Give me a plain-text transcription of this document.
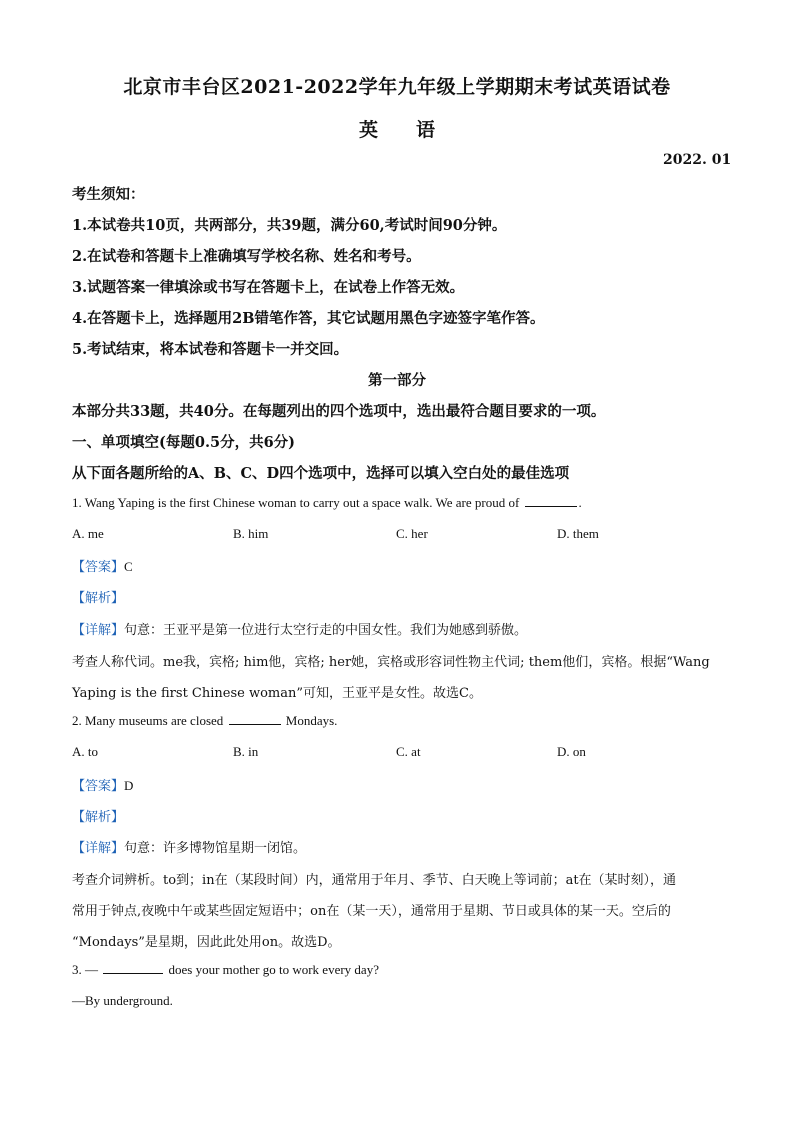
北京市丰台区2021-2022学年九年级上学期期末考试英语试卷
英 语
2022. 01
考生须知：
1.本试卷共10页，共两部分，共39题，满分60,考试时间90分钟。
2.在试卷和答题卡上准确填写学校名称、姓名和考号。
3.试题答案一律填涂或书写在答题卡上，在试卷上作答无效。
4.在答题卡上，选择题用2B错笔作答，其它试题用黑色字迹签字笔作答。
5.考试结束，将本试卷和答题卡一并交回。
第一部分
本部分共33题，共40分。在每题列出的四个选项中，选出最符合题目要求的一项。
一、单项填空(每题0.5分，共6分)
从下面各题所给的A、B、C、D四个选项中，选择可以填入空白处的最佳选项
1. Wang Yaping is the first Chinese woman to carry out a space walk. We are proud of	.
A. me	B. him	C. her	D. them
【答案】C
【解析】
【详解】句意：王亚平是第一位进行太空行走的中国女性。我们为她感到骄傲。
考查人称代词。me我，宾格; him他，宾格; her她，宾格或形容词性物主代词; them他们，宾格。根据“Wang
Yaping is the first Chinese woman”可知，王亚平是女性。故选C。
2. Many museums are closed	Mondays.
A. to	B. in	C. at	D. on
【答案】D
【解析】
【详解】句意：许多博物馆星期一闭馆。
考查介词辨析。to到；in在（某段时间）内，通常用于年月、季节、白天晚上等词前；at在（某时刻），通
常用于钟点,夜晚中午或某些固定短语中；on在（某一天），通常用于星期、节日或具体的某一天。空后的
“Mondays”是星期，因此此处用on。故选D。
3. —	does your mother go to work every day?
—By underground.
